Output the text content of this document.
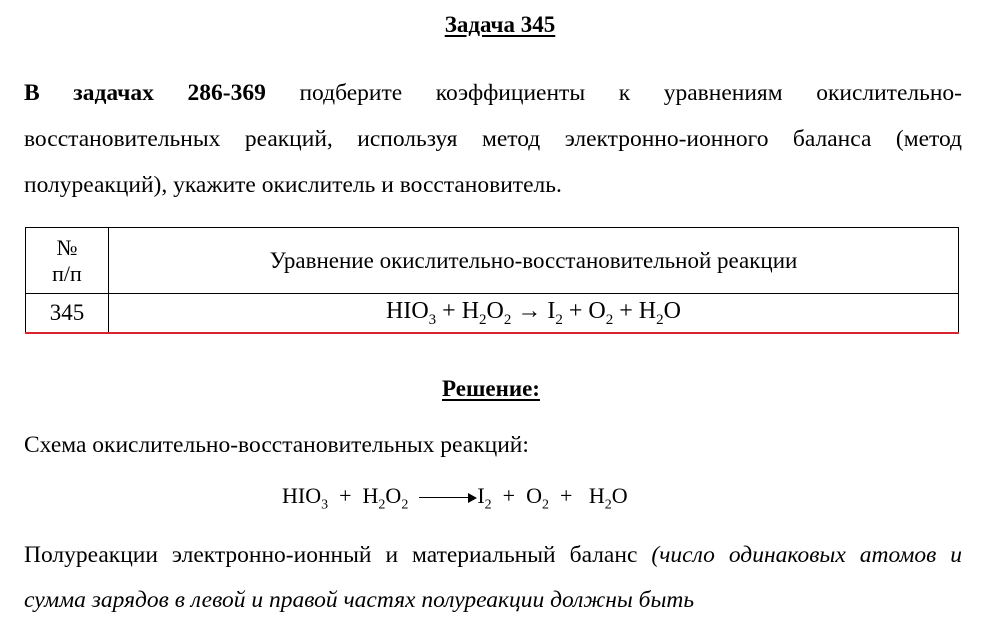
Задача 345
В задачах 286-369 подберите коэффициенты к уравнениям окислительно-восстановительных реакций, используя метод электронно-ионного баланса (метод полуреакций), укажите окислитель и восстановитель.
№
п/п	Уравнение окислительно-восстановительной реакции
345	$HIO_3 + H_2O_2 \to I_2 + O_2 + H_2O$
Решение:
Схема окислительно-восстановительных реакций:
$HIO_3 + H_2O_2$	$I_2 + O_2 + H_2O$
Полуреакции электронно-ионный и материальный баланс (число одинаковых атомов и сумма зарядов в левой и правой частях полуреакции должны быть
